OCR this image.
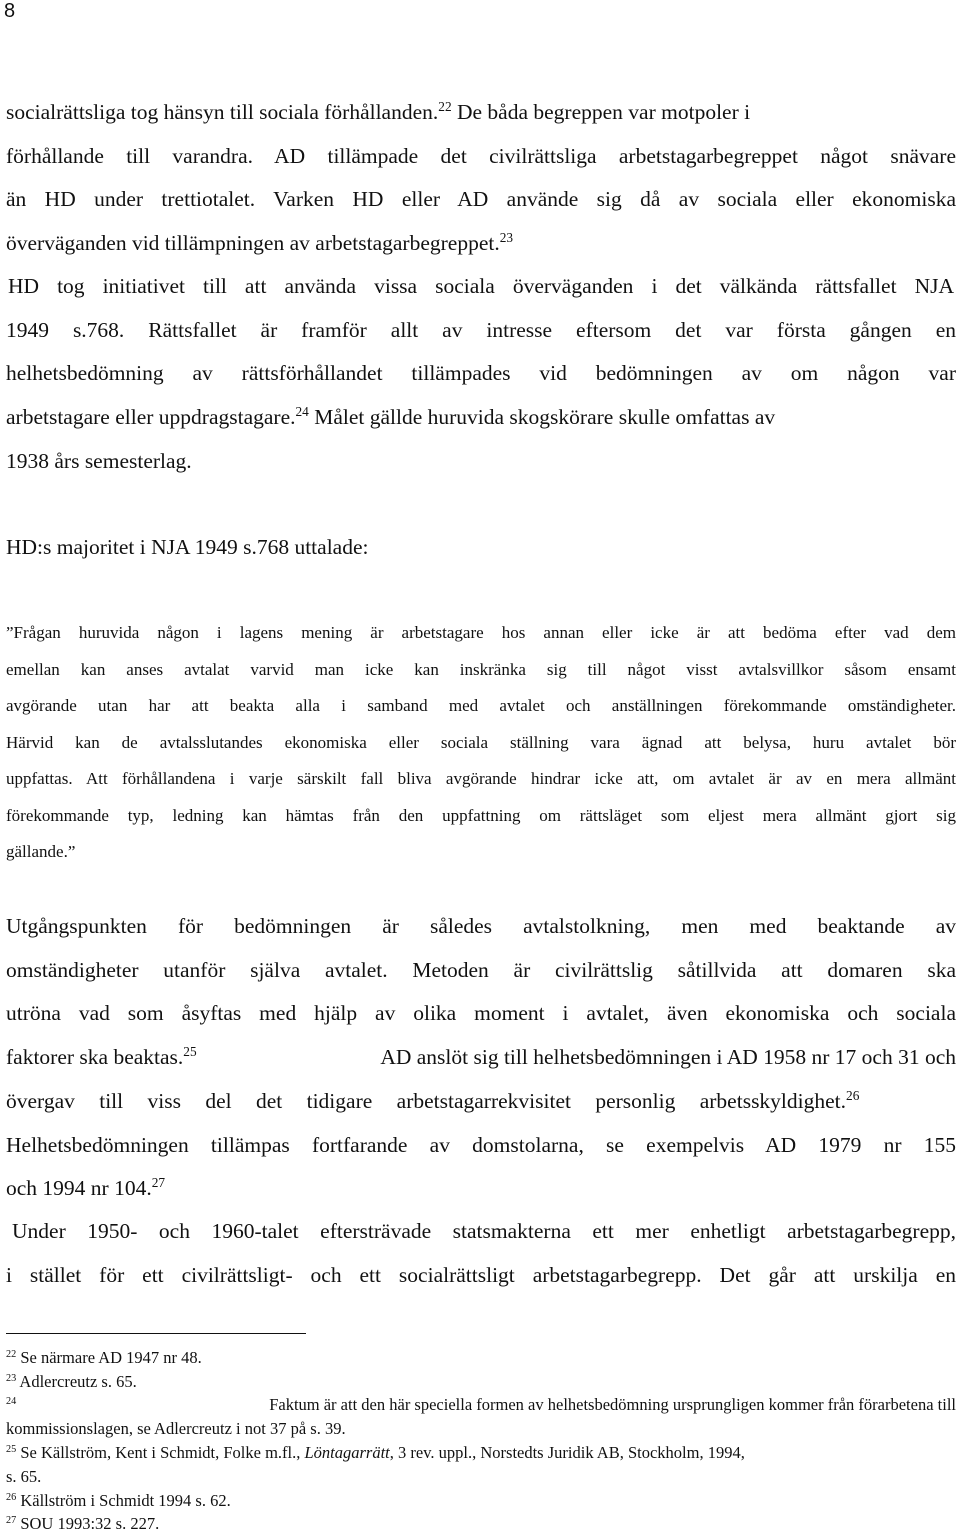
8
socialrättsliga tog hänsyn till sociala förhållanden.$^{22}$ De båda begreppen var motpoler i
förhållande till varandra. AD tillämpade det civilrättsliga arbetstagarbegreppet något snävare
än HD under trettiotalet. Varken HD eller AD använde sig då av sociala eller ekonomiska
överväganden vid tillämpningen av arbetstagarbegreppet.$^{23}$
HD tog initiativet till att använda vissa sociala överväganden i det välkända rättsfallet NJA
1949 s.768. Rättsfallet är framför allt av intresse eftersom det var första gången en
helhetsbedömning av rättsförhållandet tillämpades vid bedömningen av om någon var
arbetstagare eller uppdragstagare.$^{24}$ Målet gällde huruvida skogskörare skulle omfattas av
1938 års semesterlag.
HD:s majoritet i NJA 1949 s.768 uttalade:
”Frågan huruvida någon i lagens mening är arbetstagare hos annan eller icke är att bedöma efter vad dem
emellan kan anses avtalat varvid man icke kan inskränka sig till något visst avtalsvillkor såsom ensamt
avgörande utan har att beakta alla i samband med avtalet och anställningen förekommande omständigheter.
Härvid kan de avtalsslutandes ekonomiska eller sociala ställning vara ägnad att belysa, huru avtalet bör
uppfattas. Att förhållandena i varje särskilt fall bliva avgörande hindrar icke att, om avtalet är av en mera allmänt
förekommande typ, ledning kan hämtas från den uppfattning om rättsläget som eljest mera allmänt gjort sig
gällande.”
Utgångspunkten för bedömningen är således avtalstolkning, men med beaktande av
omständigheter utanför själva avtalet. Metoden är civilrättslig såtillvida att domaren ska
utröna vad som åsyftas med hjälp av olika moment i avtalet, även ekonomiska och sociala
faktorer ska beaktas.$^{25}$	AD anslöt sig till helhetsbedömningen i AD 1958 nr 17 och 31 och
övergav till viss del det tidigare arbetstagarrekvisitet personlig arbetsskyldighet.$^{26}$
Helhetsbedömningen tillämpas fortfarande av domstolarna, se exempelvis AD 1979 nr 155
och 1994 nr 104.27
Under 1950- och 1960-talet eftersträvade statsmakterna ett mer enhetligt arbetstagarbegrepp,
i stället för ett civilrättsligt- och ett socialrättsligt arbetstagarbegrepp. Det går att urskilja en
$^{22}$ Se närmare AD 1947 nr 48.
$^{23}$ Adlercreutz s. 65.
$^{24}$	Faktum är att den här speciella formen av helhetsbedömning ursprungligen kommer från förarbetena till
kommissionslagen, se Adlercreutz i not 37 på s. 39.
$^{25}$ Se Källström, Kent i Schmidt, Folke m.fl., Löntagarrätt, 3 rev. uppl., Norstedts Juridik AB, Stockholm, 1994,
s. 65.
$^{26}$ Källström i Schmidt 1994 s. 62.
$^{27}$ SOU 1993:32 s. 227.
